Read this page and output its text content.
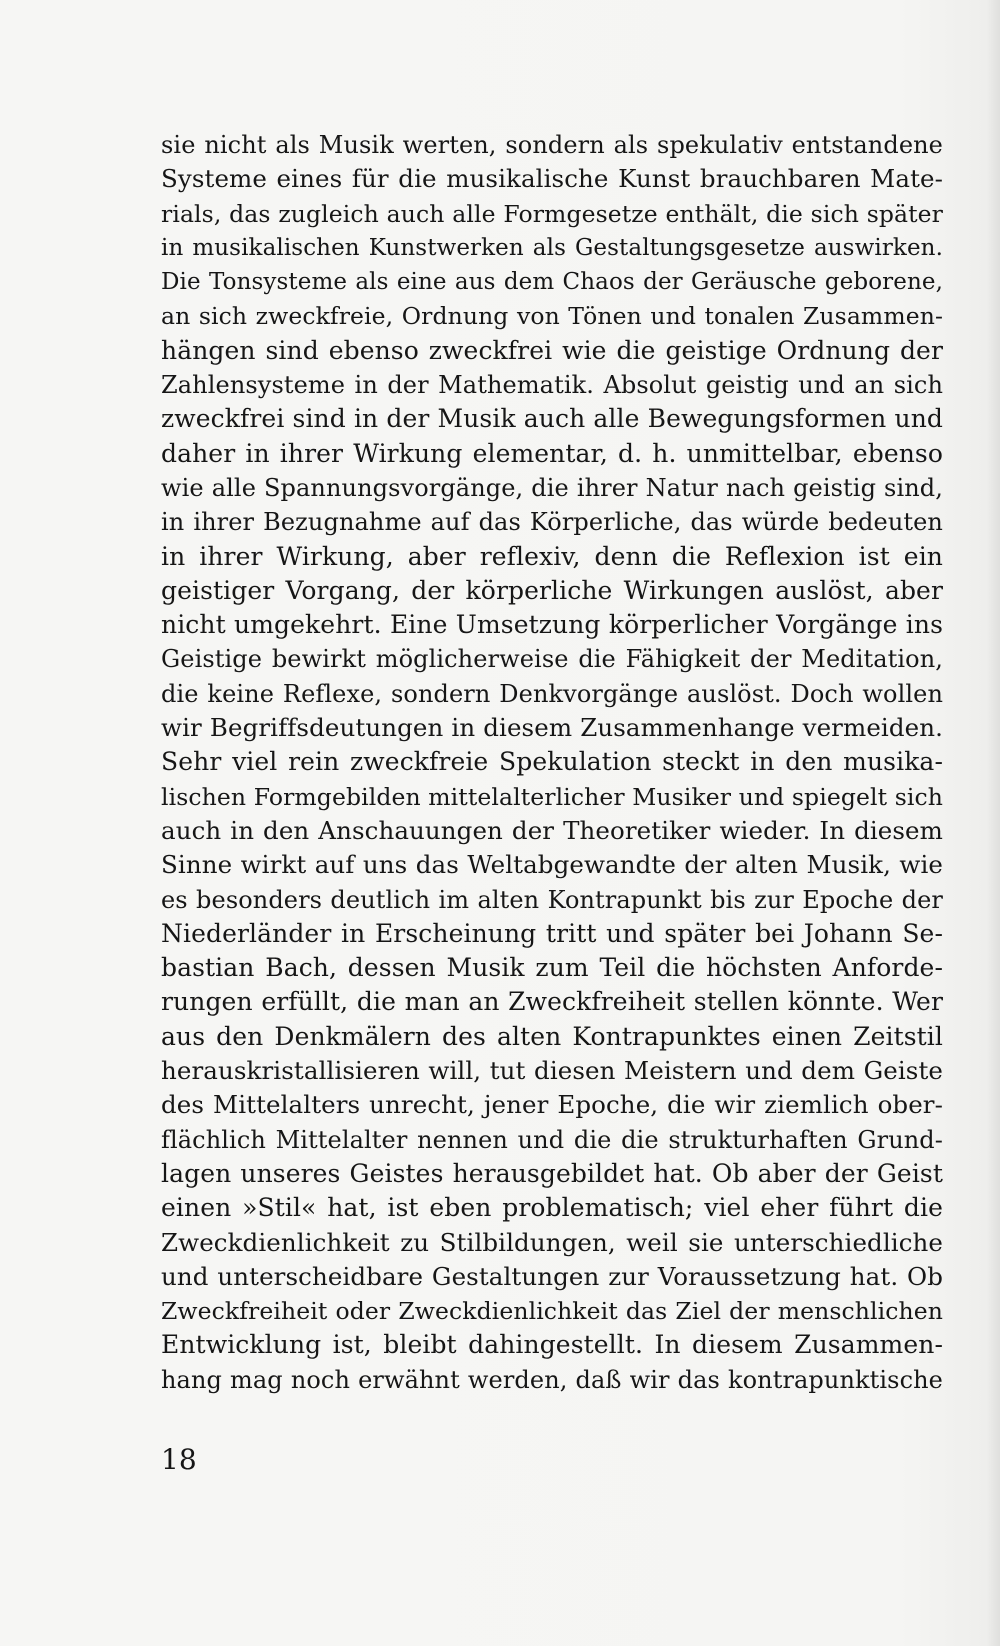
sie nicht als Musik werten, sondern als spekulativ entstandene
Systeme eines für die musikalische Kunst brauchbaren Mate-
rials, das zugleich auch alle Formgesetze enthält, die sich später
in musikalischen Kunstwerken als Gestaltungsgesetze auswirken.
Die Tonsysteme als eine aus dem Chaos der Geräusche geborene,
an sich zweckfreie, Ordnung von Tönen und tonalen Zusammen-
hängen sind ebenso zweckfrei wie die geistige Ordnung der
Zahlensysteme in der Mathematik. Absolut geistig und an sich
zweckfrei sind in der Musik auch alle Bewegungsformen und
daher in ihrer Wirkung elementar, d. h. unmittelbar, ebenso
wie alle Spannungsvorgänge, die ihrer Natur nach geistig sind,
in ihrer Bezugnahme auf das Körperliche, das würde bedeuten
in ihrer Wirkung, aber reflexiv, denn die Reflexion ist ein
geistiger Vorgang, der körperliche Wirkungen auslöst, aber
nicht umgekehrt. Eine Umsetzung körperlicher Vorgänge ins
Geistige bewirkt möglicherweise die Fähigkeit der Meditation,
die keine Reflexe, sondern Denkvorgänge auslöst. Doch wollen
wir Begriffsdeutungen in diesem Zusammenhange vermeiden.
Sehr viel rein zweckfreie Spekulation steckt in den musika-
lischen Formgebilden mittelalterlicher Musiker und spiegelt sich
auch in den Anschauungen der Theoretiker wieder. In diesem
Sinne wirkt auf uns das Weltabgewandte der alten Musik, wie
es besonders deutlich im alten Kontrapunkt bis zur Epoche der
Niederländer in Erscheinung tritt und später bei Johann Se-
bastian Bach, dessen Musik zum Teil die höchsten Anforde-
rungen erfüllt, die man an Zweckfreiheit stellen könnte. Wer
aus den Denkmälern des alten Kontrapunktes einen Zeitstil
herauskristallisieren will, tut diesen Meistern und dem Geiste
des Mittelalters unrecht, jener Epoche, die wir ziemlich ober-
flächlich Mittelalter nennen und die die strukturhaften Grund-
lagen unseres Geistes herausgebildet hat. Ob aber der Geist
einen »Stil« hat, ist eben problematisch; viel eher führt die
Zweckdienlichkeit zu Stilbildungen, weil sie unterschiedliche
und unterscheidbare Gestaltungen zur Voraussetzung hat. Ob
Zweckfreiheit oder Zweckdienlichkeit das Ziel der menschlichen
Entwicklung ist, bleibt dahingestellt. In diesem Zusammen-
hang mag noch erwähnt werden, daß wir das kontrapunktische
18
